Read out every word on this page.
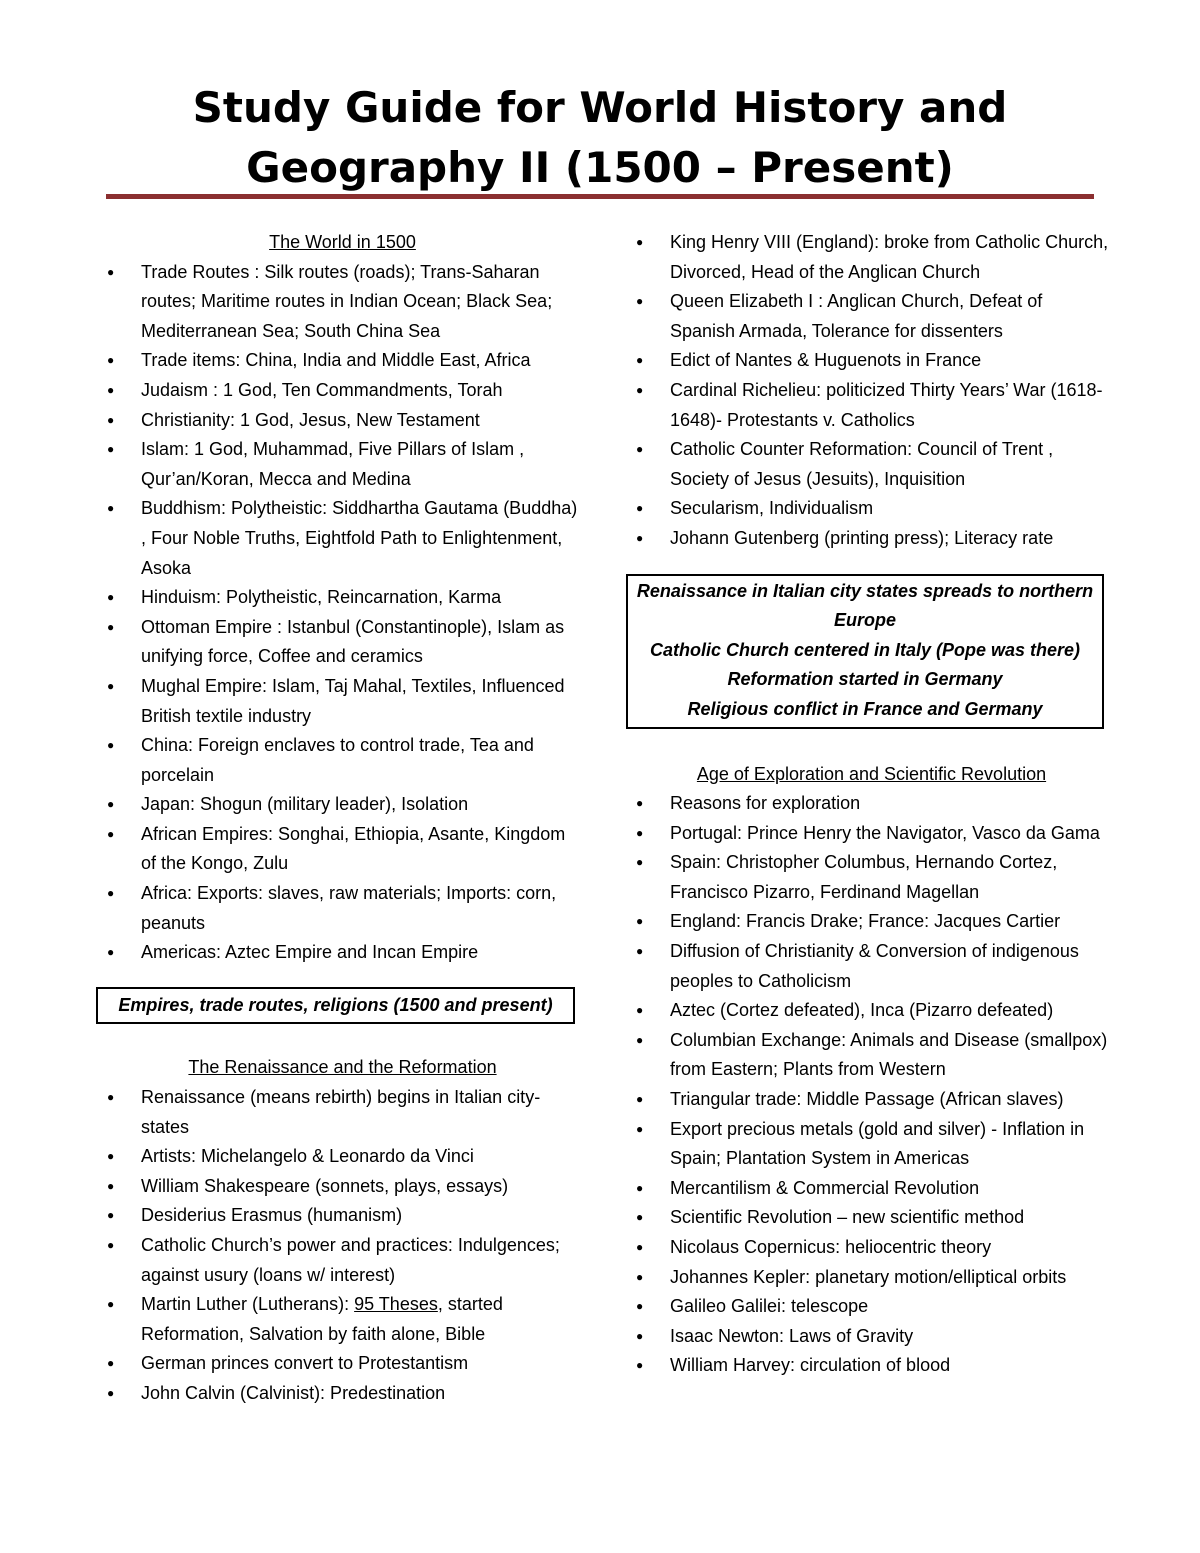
Study Guide for World History and Geography II (1500 – Present)
The World in 1500
● Trade Routes : Silk routes (roads); Trans-Saharan routes; Maritime routes in Indian Ocean; Black Sea; Mediterranean Sea; South China Sea
● Trade items: China, India and Middle East, Africa
● Judaism : 1 God, Ten Commandments, Torah
● Christianity: 1 God, Jesus, New Testament
● Islam: 1 God, Muhammad, Five Pillars of Islam , Qur’an/Koran, Mecca and Medina
● Buddhism: Polytheistic: Siddhartha Gautama (Buddha) , Four Noble Truths, Eightfold Path to Enlightenment, Asoka
● Hinduism: Polytheistic, Reincarnation, Karma
● Ottoman Empire : Istanbul (Constantinople), Islam as unifying force, Coffee and ceramics
● Mughal Empire: Islam, Taj Mahal, Textiles, Influenced British textile industry
● China: Foreign enclaves to control trade, Tea and porcelain
● Japan: Shogun (military leader), Isolation
● African Empires: Songhai, Ethiopia, Asante, Kingdom of the Kongo, Zulu
● Africa: Exports: slaves, raw materials; Imports: corn, peanuts
● Americas: Aztec Empire and Incan Empire
Empires, trade routes, religions (1500 and present)
The Renaissance and the Reformation
● Renaissance (means rebirth) begins in Italian city-states
● Artists: Michelangelo & Leonardo da Vinci
● William Shakespeare (sonnets, plays, essays)
● Desiderius Erasmus (humanism)
● Catholic Church’s power and practices: Indulgences; against usury (loans w/ interest)
● Martin Luther (Lutherans): 95 Theses, started Reformation, Salvation by faith alone, Bible
● German princes convert to Protestantism
● John Calvin (Calvinist): Predestination
● King Henry VIII (England): broke from Catholic Church, Divorced, Head of the Anglican Church
● Queen Elizabeth I : Anglican Church, Defeat of Spanish Armada, Tolerance for dissenters
● Edict of Nantes & Huguenots in France
● Cardinal Richelieu: politicized Thirty Years’ War (1618-1648)- Protestants v. Catholics
● Catholic Counter Reformation: Council of Trent , Society of Jesus (Jesuits), Inquisition
● Secularism, Individualism
● Johann Gutenberg (printing press); Literacy rate
Renaissance in Italian city states spreads to northern Europe
Catholic Church centered in Italy (Pope was there)
Reformation started in Germany
Religious conflict in France and Germany
Age of Exploration and Scientific Revolution
● Reasons for exploration
● Portugal: Prince Henry the Navigator, Vasco da Gama
● Spain: Christopher Columbus, Hernando Cortez, Francisco Pizarro, Ferdinand Magellan
● England: Francis Drake; France: Jacques Cartier
● Diffusion of Christianity & Conversion of indigenous peoples to Catholicism
● Aztec (Cortez defeated), Inca (Pizarro defeated)
● Columbian Exchange: Animals and Disease (smallpox) from Eastern; Plants from Western
● Triangular trade: Middle Passage (African slaves)
● Export precious metals (gold and silver) - Inflation in Spain; Plantation System in Americas
● Mercantilism & Commercial Revolution
● Scientific Revolution – new scientific method
● Nicolaus Copernicus: heliocentric theory
● Johannes Kepler: planetary motion/elliptical orbits
● Galileo Galilei: telescope
● Isaac Newton: Laws of Gravity
● William Harvey: circulation of blood
